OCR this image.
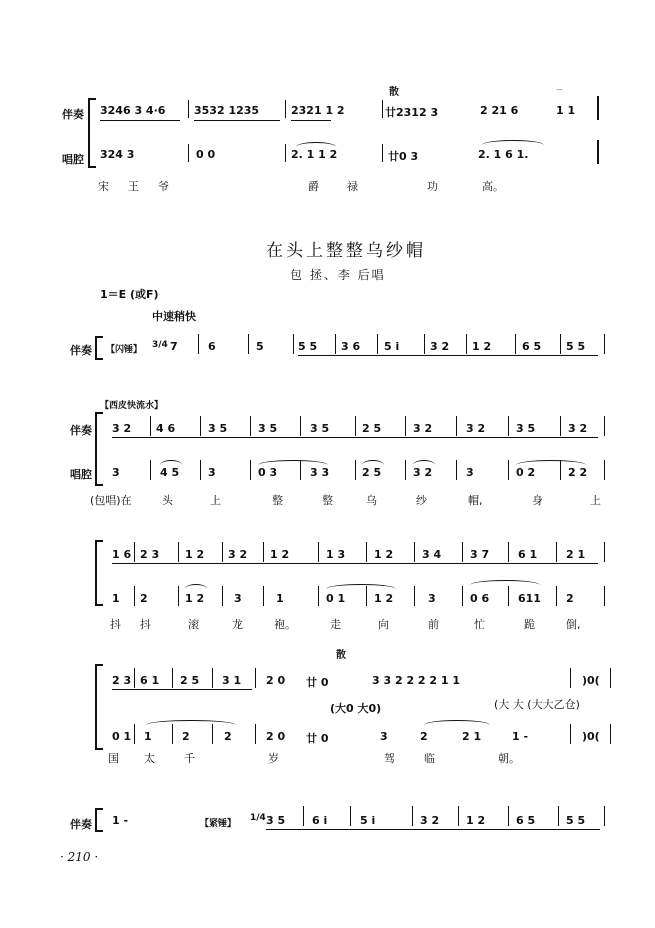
散
伴奏
唱腔
3246 3 4·6	3532 1235	2321 1 2	廿2312 3	2 21 6	1 1
⌒
324 3	0 0	2. 1 1 2	廿0 3	2. 1 6 1.
宋 王 爷	爵	禄	功	高。
在头上整整乌纱帽
包 拯、李 后唱
1＝E (或F)
中速稍快
伴奏 【闪锤】 3/4 7	6	5	5 5 3 6 5 i	3 2 1 2	6 5 5 5
【西皮快流水】
伴奏
唱腔
3 2 4 6	3 5	3 5	3 5	2 5	3 2	3 2	3 5	3 2
3	4 5	3	0 3	3 3	2 5	3 2	3	0 2	2 2
(包唱)在	头	上	整	整	乌	纱	帽,	身	上
1 6 2 3 1 2 3 2 1 2	1 3	1 2	3 4	3 7	6 1	2 1
1 2	1 2	3	1	0 1	1 2	3	0 6	611 2
抖 抖	滚	龙	袍。	走	向	前	忙	跪	倒,
散
2 3 6 1 2 5 3 1 2 0 廿 0	3 3 2 2 2 2 1 1	)0(
(大 大 (大大乙仓)
(大0 大0)
0 1 1	2	2	2 0 廿 0	3	2	2 1	1 -	)0(
国 太	千	岁	驾	临	朝。
伴奏 1 -	【紧锤】
1/4 3 5 6 i	5 i	3 2 1 2	6 5	5 5
· 210 ·
